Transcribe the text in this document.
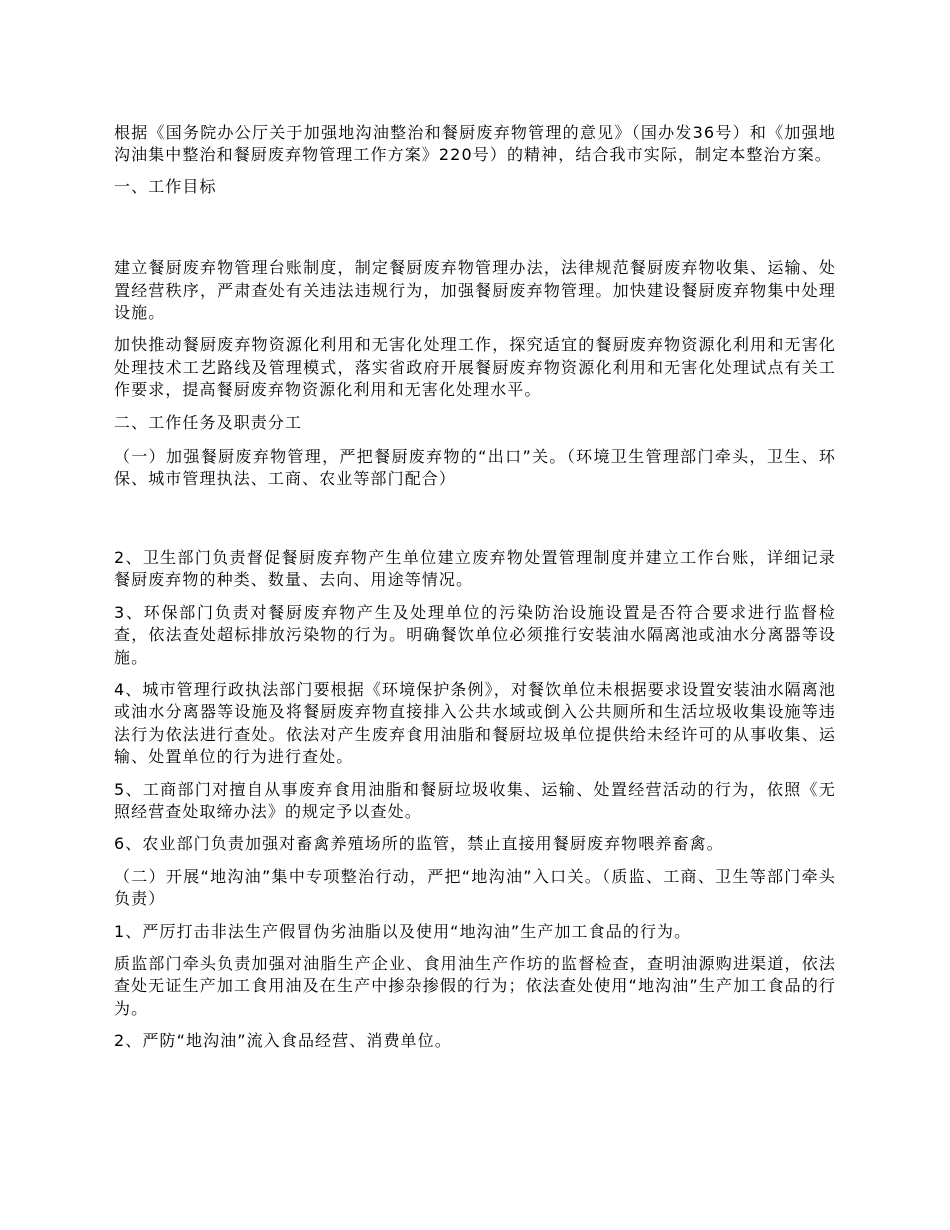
根据《国务院办公厅关于加强地沟油整治和餐厨废弃物管理的意见》（国办发36号）和《加强地沟油集中整治和餐厨废弃物管理工作方案》220号）的精神，结合我市实际，制定本整治方案。

一、工作目标

建立餐厨废弃物管理台账制度，制定餐厨废弃物管理办法，法律规范餐厨废弃物收集、运输、处置经营秩序，严肃查处有关违法违规行为，加强餐厨废弃物管理。加快建设餐厨废弃物集中处理设施。

加快推动餐厨废弃物资源化利用和无害化处理工作，探究适宜的餐厨废弃物资源化利用和无害化处理技术工艺路线及管理模式，落实省政府开展餐厨废弃物资源化利用和无害化处理试点有关工作要求，提高餐厨废弃物资源化利用和无害化处理水平。

二、工作任务及职责分工

（一）加强餐厨废弃物管理，严把餐厨废弃物的“出口”关。（环境卫生管理部门牵头，卫生、环保、城市管理执法、工商、农业等部门配合）

2、卫生部门负责督促餐厨废弃物产生单位建立废弃物处置管理制度并建立工作台账，详细记录餐厨废弃物的种类、数量、去向、用途等情况。

3、环保部门负责对餐厨废弃物产生及处理单位的污染防治设施设置是否符合要求进行监督检查，依法查处超标排放污染物的行为。明确餐饮单位必须推行安装油水隔离池或油水分离器等设施。

4、城市管理行政执法部门要根据《环境保护条例》，对餐饮单位未根据要求设置安装油水隔离池或油水分离器等设施及将餐厨废弃物直接排入公共水域或倒入公共厕所和生活垃圾收集设施等违法行为依法进行查处。依法对产生废弃食用油脂和餐厨垃圾单位提供给未经许可的从事收集、运输、处置单位的行为进行查处。

5、工商部门对擅自从事废弃食用油脂和餐厨垃圾收集、运输、处置经营活动的行为，依照《无照经营查处取缔办法》的规定予以查处。

6、农业部门负责加强对畜禽养殖场所的监管，禁止直接用餐厨废弃物喂养畜禽。

（二）开展“地沟油”集中专项整治行动，严把“地沟油”入口关。（质监、工商、卫生等部门牵头负责）

1、严厉打击非法生产假冒伪劣油脂以及使用“地沟油”生产加工食品的行为。

质监部门牵头负责加强对油脂生产企业、食用油生产作坊的监督检查，查明油源购进渠道，依法查处无证生产加工食用油及在生产中掺杂掺假的行为；依法查处使用“地沟油”生产加工食品的行为。

2、严防“地沟油”流入食品经营、消费单位。
